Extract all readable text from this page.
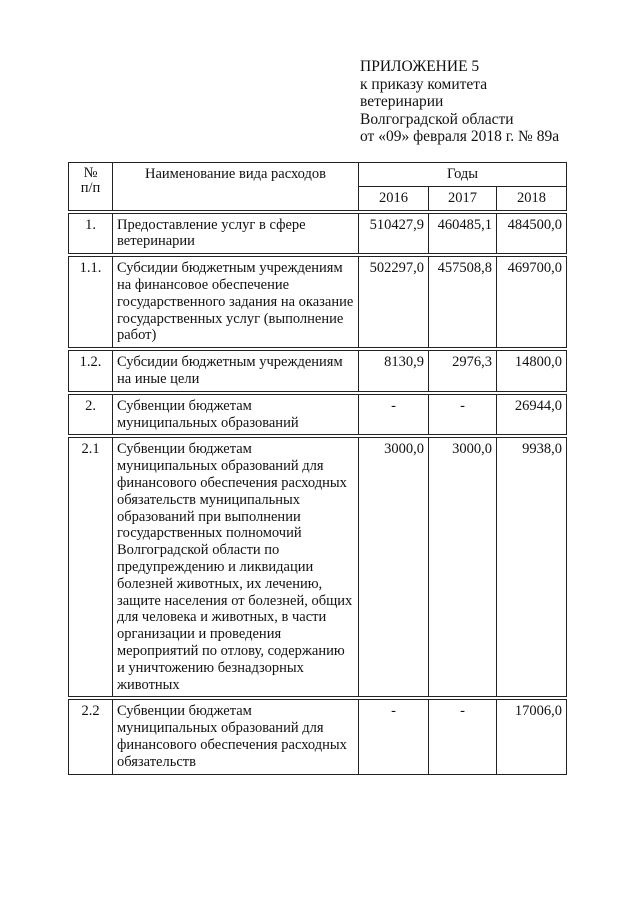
ПРИЛОЖЕНИЕ 5
к приказу комитета
ветеринарии
Волгоградской области
от «09» февраля 2018 г. № 89а
№
п/п	Наименование вида расходов	Годы		
		2016	2017	2018

1.	Предоставление услуг в сфере ветеринарии	510427,9	460485,1	484500,0

1.1.	Субсидии бюджетным учреждениям на финансовое обеспечение государственного задания на оказание государственных услуг (выполнение работ)	502297,0	457508,8	469700,0

1.2.	Субсидии бюджетным учреждениям на иные цели	8130,9	2976,3	14800,0

2.	Субвенции бюджетам муниципальных образований	-	-	26944,0

2.1	Субвенции бюджетам муниципальных образований для финансового обеспечения расходных обязательств муниципальных образований при выполнении государственных полномочий Волгоградской области по предупреждению и ликвидации болезней животных, их лечению, защите населения от болезней, общих для человека и животных, в части организации и проведения мероприятий по отлову, содержанию и уничтожению безнадзорных животных	3000,0	3000,0	9938,0

2.2	Субвенции бюджетам муниципальных образований для финансового обеспечения расходных обязательств	-	-	17006,0
